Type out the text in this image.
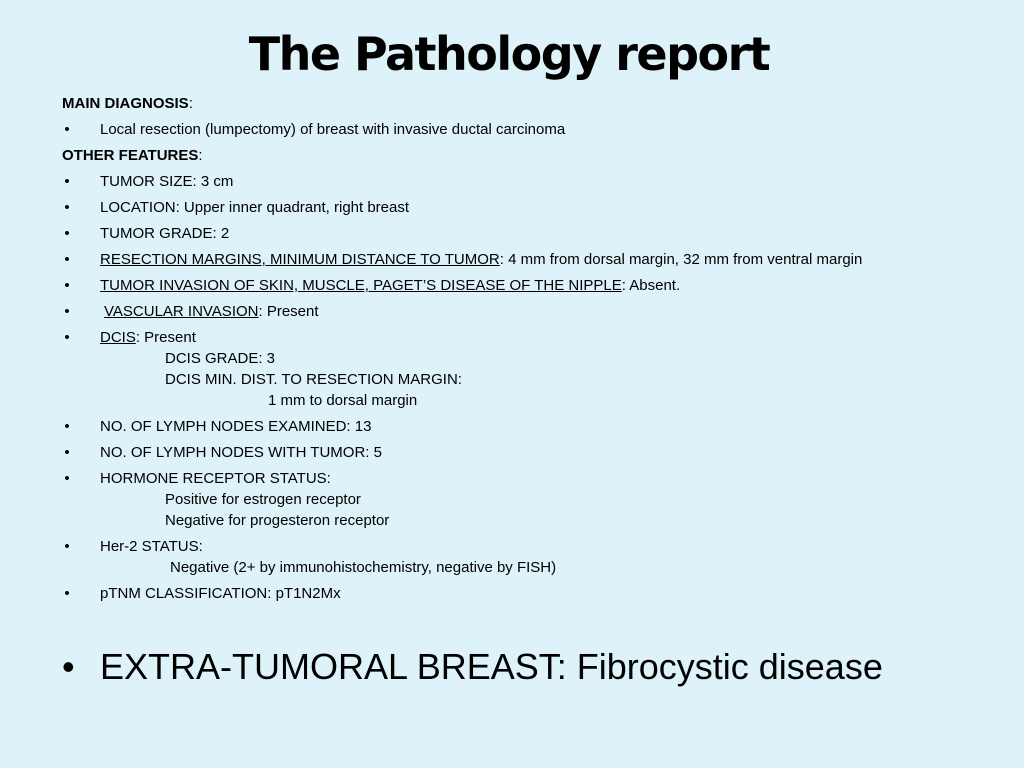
The Pathology report
MAIN DIAGNOSIS:
• Local resection (lumpectomy) of breast with invasive ductal carcinoma
OTHER FEATURES:
• TUMOR SIZE: 3 cm
• LOCATION: Upper inner quadrant, right breast
• TUMOR GRADE: 2
• RESECTION MARGINS, MINIMUM DISTANCE TO TUMOR: 4 mm from dorsal margin, 32 mm from ventral margin
• TUMOR INVASION OF SKIN, MUSCLE, PAGET’S DISEASE OF THE NIPPLE: Absent.
• VASCULAR INVASION: Present
• DCIS: Present
DCIS GRADE: 3
DCIS MIN. DIST. TO RESECTION MARGIN:
1 mm to dorsal margin
• NO. OF LYMPH NODES EXAMINED: 13
• NO. OF LYMPH NODES WITH TUMOR: 5
• HORMONE RECEPTOR STATUS:
Positive for estrogen receptor
Negative for progesteron receptor
• Her-2 STATUS:
Negative (2+ by immunohistochemistry, negative by FISH)
• pTNM CLASSIFICATION: pT1N2Mx
• EXTRA-TUMORAL BREAST: Fibrocystic disease
